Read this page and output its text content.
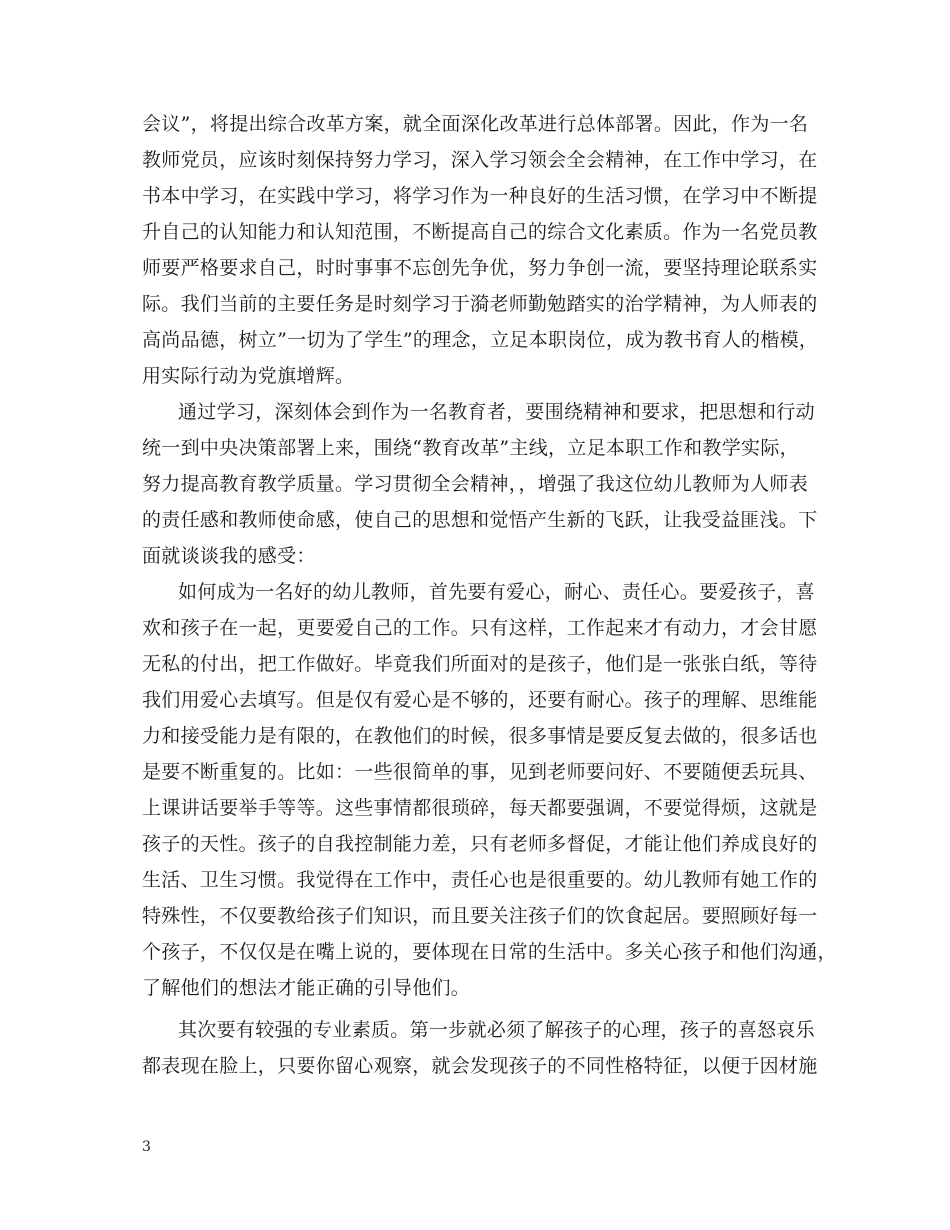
会议”，将提出综合改革方案，就全面深化改革进行总体部署。因此，作为一名
教师党员，应该时刻保持努力学习，深入学习领会全会精神，在工作中学习，在
书本中学习，在实践中学习，将学习作为一种良好的生活习惯，在学习中不断提
升自己的认知能力和认知范围，不断提高自己的综合文化素质。作为一名党员教
师要严格要求自己，时时事事不忘创先争优，努力争创一流，要坚持理论联系实
际。我们当前的主要任务是时刻学习于漪老师勤勉踏实的治学精神，为人师表的
高尚品德，树立”一切为了学生”的理念，立足本职岗位，成为教书育人的楷模，
用实际行动为党旗增辉。
通过学习，深刻体会到作为一名教育者，要围绕精神和要求，把思想和行动
统一到中央决策部署上来，围绕“教育改革”主线，立足本职工作和教学实际，
努力提高教育教学质量。学习贯彻全会精神，，增强了我这位幼儿教师为人师表
的责任感和教师使命感，使自己的思想和觉悟产生新的飞跃，让我受益匪浅。下
面就谈谈我的感受：
如何成为一名好的幼儿教师，首先要有爱心，耐心、责任心。要爱孩子，喜
欢和孩子在一起，更要爱自己的工作。只有这样，工作起来才有动力，才会甘愿
无私的付出，把工作做好。毕竟我们所面对的是孩子，他们是一张张白纸，等待
我们用爱心去填写。但是仅有爱心是不够的，还要有耐心。孩子的理解、思维能
力和接受能力是有限的，在教他们的时候，很多事情是要反复去做的，很多话也
是要不断重复的。比如：一些很简单的事，见到老师要问好、不要随便丢玩具、
上课讲话要举手等等。这些事情都很琐碎，每天都要强调，不要觉得烦，这就是
孩子的天性。孩子的自我控制能力差，只有老师多督促，才能让他们养成良好的
生活、卫生习惯。我觉得在工作中，责任心也是很重要的。幼儿教师有她工作的
特殊性，不仅要教给孩子们知识，而且要关注孩子们的饮食起居。要照顾好每一
个孩子，不仅仅是在嘴上说的，要体现在日常的生活中。多关心孩子和他们沟通，
了解他们的想法才能正确的引导他们。
其次要有较强的专业素质。第一步就必须了解孩子的心理，孩子的喜怒哀乐
都表现在脸上，只要你留心观察，就会发现孩子的不同性格特征，以便于因材施
3
